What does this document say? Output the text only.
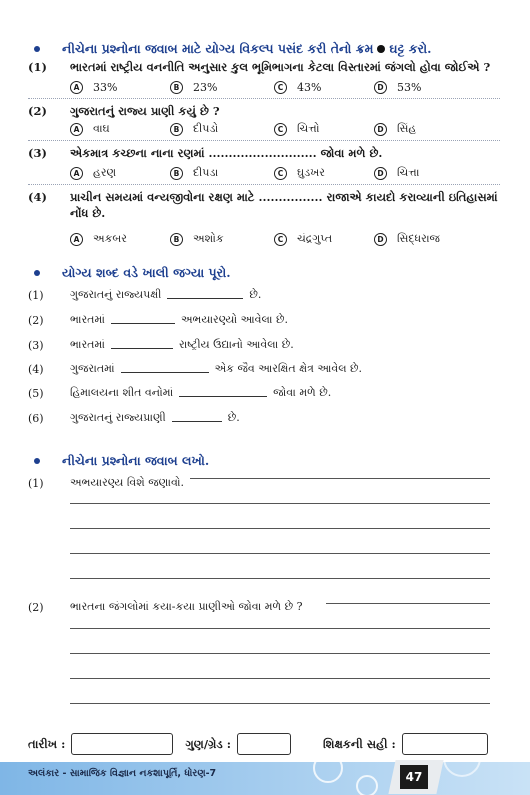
નીચેના પ્રશ્નોના જવાબ માટે યોગ્ય વિકલ્પ પસંદ કરી તેનો ક્રમ ઘટ્ટ કરો.
(1)	ભારતમાં રાષ્ટ્રીય વનનીતિ અનુસાર કુલ ભૂમિભાગના કેટલા વિસ્તારમાં જંગલો હોવા જોઈએ ?
A	33%	B	23%	C	43%	D	53%
(2)	ગુજરાતનું રાજ્ય પ્રાણી કયું છે ?
A	વાઘ	B	દીપડો	C	ચિત્તો	D	સિંહ
(3)	એકમાત્ર કચ્છના નાના રણમાં ........................... જોવા મળે છે.
A	હરણ	B	દીપડા	C	ઘુડખર	D	ચિત્તા
(4)	પ્રાચીન સમયમાં વન્યજીવોના રક્ષણ માટે ................ રાજાએ કાયદો કરાવ્યાની ઇતિહાસમાં
નોંધ છે.
A	અકબર	B	અશોક	C	ચંદ્રગુપ્ત	D	સિદ્ધરાજ
યોગ્ય શબ્દ વડે ખાલી જગ્યા પૂરો.
(1)	ગુજરાતનું રાજ્યપક્ષી	છે.
(2)	ભારતમાં	અભયારણ્યો આવેલા છે.
(3)	ભારતમાં	રાષ્ટ્રીય ઉદ્યાનો આવેલા છે.
(4)	ગુજરાતમાં	એક જૈવ આરક્ષિત ક્ષેત્ર આવેલ છે.
(5)	હિમાલયના શીત વનોમાં	જોવા મળે છે.
(6)	ગુજરાતનું રાજ્યપ્રાણી	છે.
નીચેના પ્રશ્નોના જવાબ લખો.
(1)	અભયારણ્ય વિશે જણાવો.
(2)	ભારતના જંગલોમાં કયા-કયા પ્રાણીઓ જોવા મળે છે ?
તારીખ :	ગુણ/ગ્રેડ :	શિક્ષકની સહી :
અલંકાર - સામાજિક વિજ્ઞાન નકશાપૂર્તિ, ધોરણ-7	47
